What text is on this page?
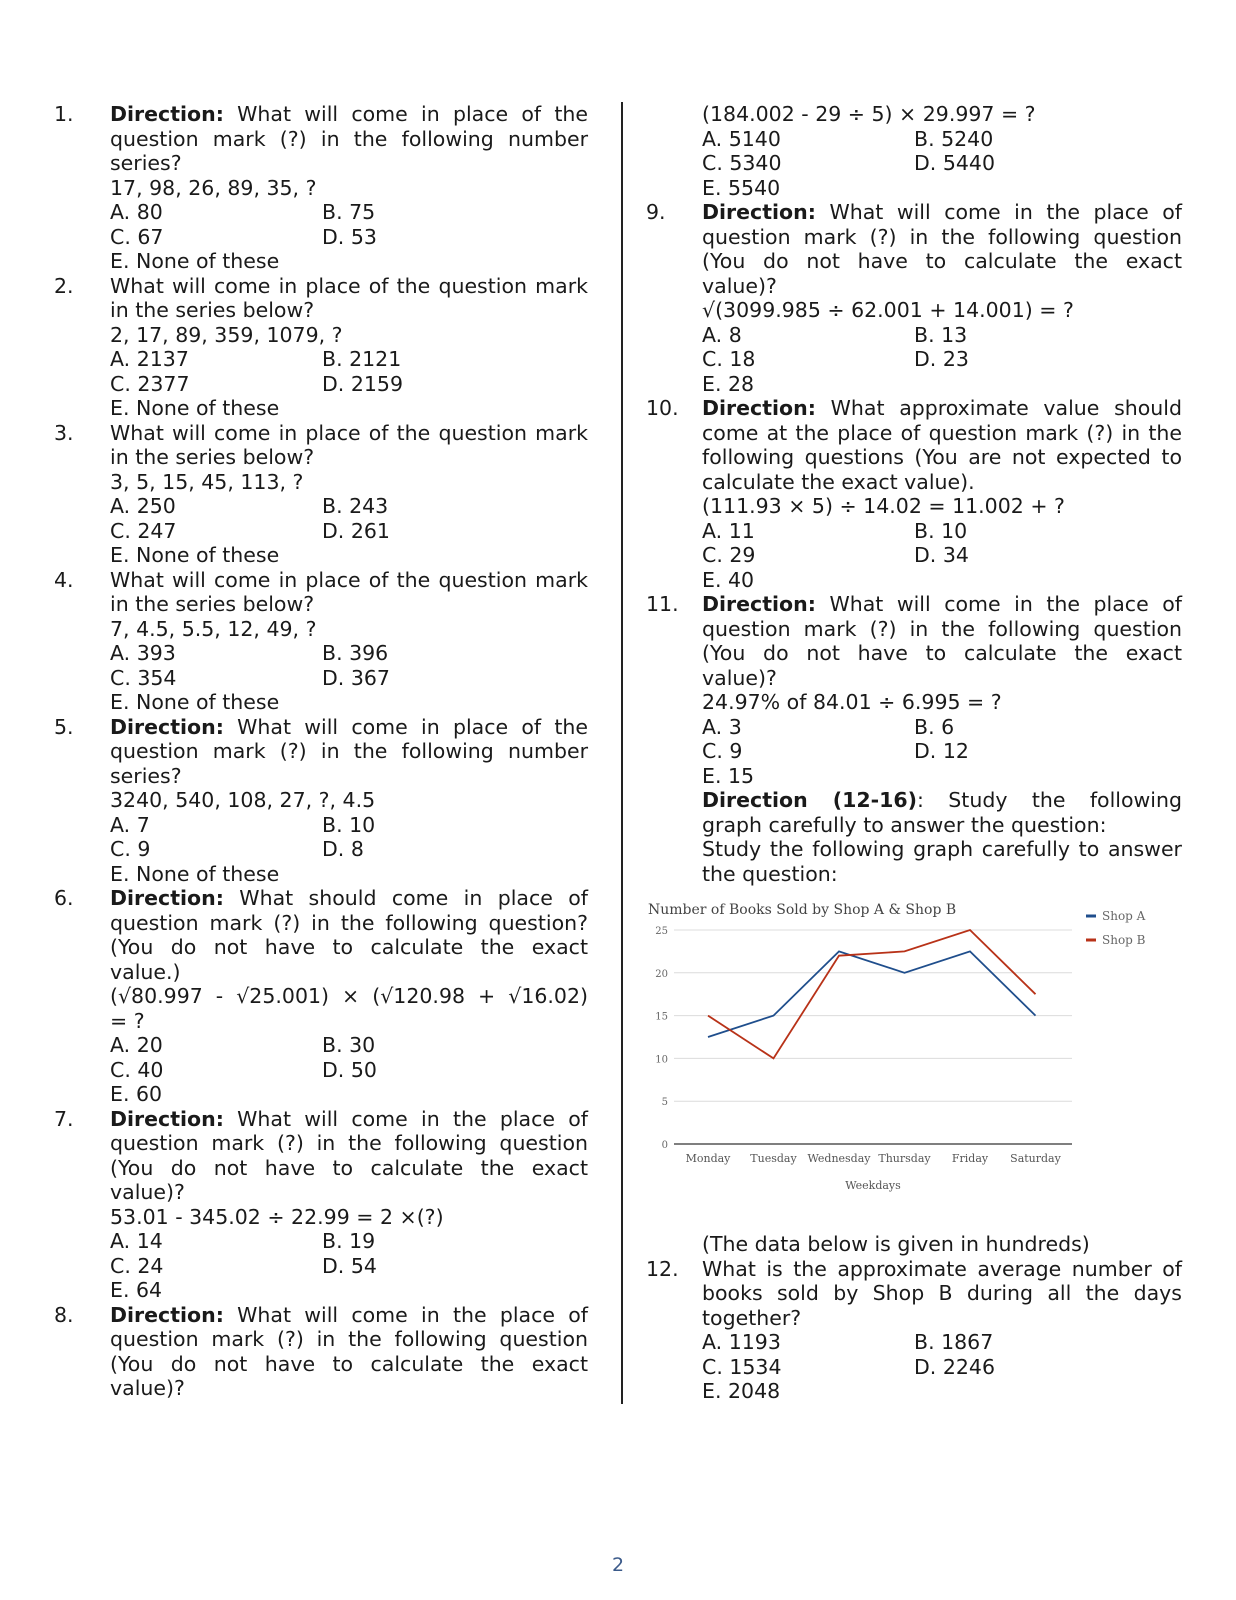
1. Direction: What will come in place of the
question mark (?) in the following number
series?
17, 98, 26, 89, 35, ?
A. 80	B. 75
C. 67	D. 53
E. None of these
2. What will come in place of the question mark
in the series below?
2, 17, 89, 359, 1079, ?
A. 2137	B. 2121
C. 2377	D. 2159
E. None of these
3. What will come in place of the question mark
in the series below?
3, 5, 15, 45, 113, ?
A. 250	B. 243
C. 247	D. 261
E. None of these
4. What will come in place of the question mark
in the series below?
7, 4.5, 5.5, 12, 49, ?
A. 393	B. 396
C. 354	D. 367
E. None of these
5. Direction: What will come in place of the
question mark (?) in the following number
series?
3240, 540, 108, 27, ?, 4.5
A. 7	B. 10
C. 9	D. 8
E. None of these
6. Direction: What should come in place of
question mark (?) in the following question?
(You do not have to calculate the exact
value.)
(√80.997 - √25.001) × (√120.98 + √16.02)
= ?
A. 20	B. 30
C. 40	D. 50
E. 60
7. Direction: What will come in the place of
question mark (?) in the following question
(You do not have to calculate the exact
value)?
53.01 - 345.02 ÷ 22.99 = 2 ×(?)
A. 14	B. 19
C. 24	D. 54
E. 64
8. Direction: What will come in the place of
question mark (?) in the following question
(You do not have to calculate the exact
value)?
(184.002 - 29 ÷ 5) × 29.997 = ?
A. 5140	B. 5240
C. 5340	D. 5440
E. 5540
9. Direction: What will come in the place of
question mark (?) in the following question
(You do not have to calculate the exact
value)?
√(3099.985 ÷ 62.001 + 14.001) = ?
A. 8	B. 13
C. 18	D. 23
E. 28
10. Direction: What approximate value should
come at the place of question mark (?) in the
following questions (You are not expected to
calculate the exact value).
(111.93 × 5) ÷ 14.02 = 11.002 + ?
A. 11	B. 10
C. 29	D. 34
E. 40
11. Direction: What will come in the place of
question mark (?) in the following question
(You do not have to calculate the exact
value)?
24.97% of 84.01 ÷ 6.995 = ?
A. 3	B. 6
C. 9	D. 12
E. 15
Direction (12-16): Study the following
graph carefully to answer the question:
Study the following graph carefully to answer
the question:
Number of Books Sold by Shop A & Shop B
0
5
10
15
20
25
Monday Tuesday Wednesday Thursday Friday Saturday
Weekdays
Shop A
Shop B
(The data below is given in hundreds)
12. What is the approximate average number of
books sold by Shop B during all the days
together?
A. 1193	B. 1867
C. 1534	D. 2246
E. 2048
2
